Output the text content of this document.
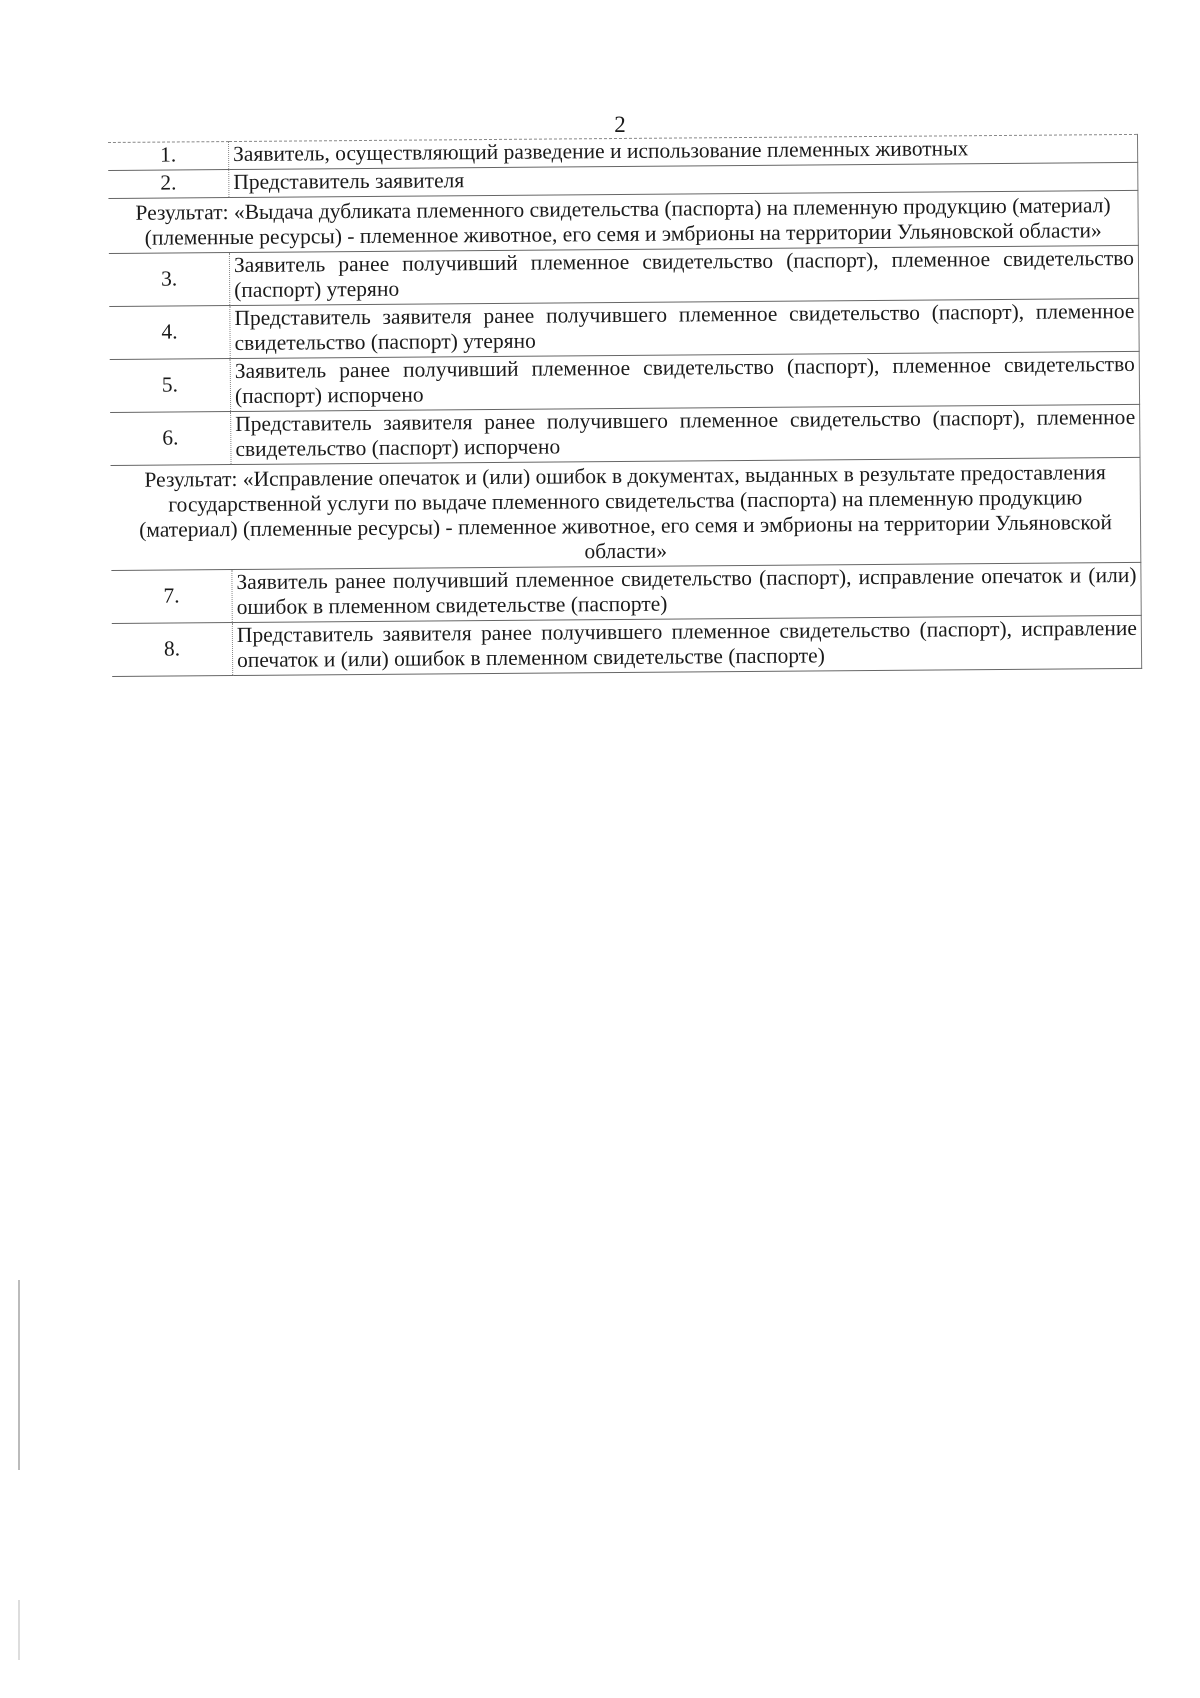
2
1.	Заявитель, осуществляющий разведение и использование племенных животных
2.	Представитель заявителя
Результат: «Выдача дубликата племенного свидетельства (паспорта) на племенную продукцию (материал) (племенные ресурсы) - племенное животное, его семя и эмбрионы на территории Ульяновской области»	
3.	Заявитель ранее получивший племенное свидетельство (паспорт), племенное свидетельство (паспорт) утеряно
4.	Представитель заявителя ранее получившего племенное свидетельство (паспорт), племенное свидетельство (паспорт) утеряно
5.	Заявитель ранее получивший племенное свидетельство (паспорт), племенное свидетельство (паспорт) испорчено
6.	Представитель заявителя ранее получившего племенное свидетельство (паспорт), племенное свидетельство (паспорт) испорчено
Результат: «Исправление опечаток и (или) ошибок в документах, выданных в результате предоставления государственной услуги по выдаче племенного свидетельства (паспорта) на племенную продукцию (материал) (племенные ресурсы) - племенное животное, его семя и эмбрионы на территории Ульяновской области»	
7.	Заявитель ранее получивший племенное свидетельство (паспорт), исправление опечаток и (или) ошибок в племенном свидетельстве (паспорте)
8.	Представитель заявителя ранее получившего племенное свидетельство (паспорт), исправление опечаток и (или) ошибок в племенном свидетельстве (паспорте)
